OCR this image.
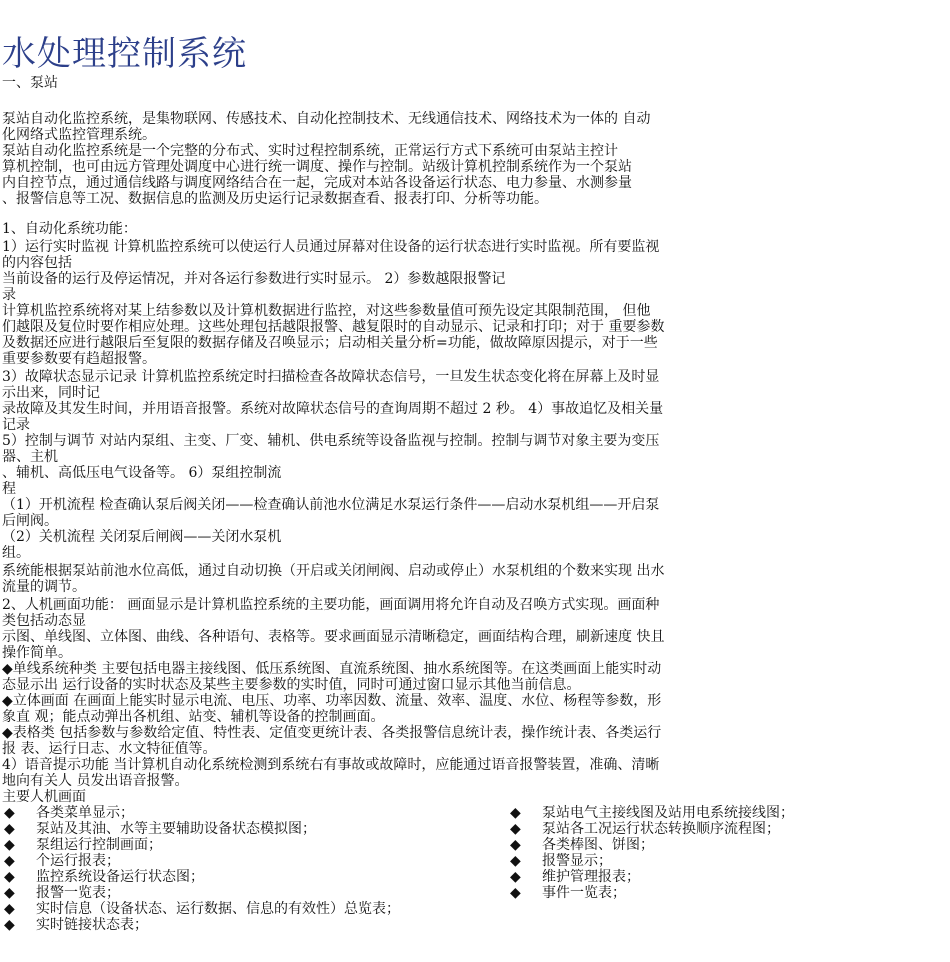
水处理控制系统
一、泵站
泵站自动化监控系统，是集物联网、传感技术、自动化控制技术、无线通信技术、网络技术为一体的 自动
化网络式监控管理系统。
泵站自动化监控系统是一个完整的分布式、实时过程控制系统，正常运行方式下系统可由泵站主控计
算机控制，也可由远方管理处调度中心进行统一调度、操作与控制。站级计算机控制系统作为一个泵站
内自控节点，通过通信线路与调度网络结合在一起，完成对本站各设备运行状态、电力参量、水测参量
、报警信息等工况、数据信息的监测及历史运行记录数据查看、报表打印、分析等功能。
1、自动化系统功能：
1）运行实时监视 计算机监控系统可以使运行人员通过屏幕对住设备的运行状态进行实时监视。所有要监视
的内容包括
当前设备的运行及停运情况，并对各运行参数进行实时显示。 2）参数越限报警记
录
计算机监控系统将对某上结参数以及计算机数据进行监控，对这些参数量值可预先设定其限制范围， 但他
们越限及复位时要作相应处理。这些处理包括越限报警、越复限时的自动显示、记录和打印；对于 重要参数
及数据还应进行越限后至复限的数据存储及召唤显示；启动相关量分析=功能，做故障原因提示，对于一些
重要参数要有趋超报警。
3）故障状态显示记录 计算机监控系统定时扫描检查各故障状态信号，一旦发生状态变化将在屏幕上及时显
示出来，同时记
录故障及其发生时间，并用语音报警。系统对故障状态信号的查询周期不超过 2 秒。 4）事故追忆及相关量
记录
5）控制与调节 对站内泵组、主变、厂变、辅机、供电系统等设备监视与控制。控制与调节对象主要为变压
器、主机
、辅机、高低压电气设备等。 6）泵组控制流
程
（1）开机流程 检查确认泵后阀关闭——检查确认前池水位满足水泵运行条件——启动水泵机组——开启泵
后闸阀。
（2）关机流程 关闭泵后闸阀——关闭水泵机
组。
系统能根据泵站前池水位高低，通过自动切换（开启或关闭闸阀、启动或停止）水泵机组的个数来实现 出水
流量的调节。
2、人机画面功能： 画面显示是计算机监控系统的主要功能，画面调用将允许自动及召唤方式实现。画面种
类包括动态显
示图、单线图、立体图、曲线、各种语句、表格等。要求画面显示清晰稳定，画面结构合理，刷新速度 快且
操作简单。
◆单线系统种类 主要包括电器主接线图、低压系统图、直流系统图、抽水系统图等。在这类画面上能实时动
态显示出 运行设备的实时状态及某些主要参数的实时值，同时可通过窗口显示其他当前信息。
◆立体画面 在画面上能实时显示电流、电压、功率、功率因数、流量、效率、温度、水位、杨程等参数，形
象直 观；能点动弹出各机组、站变、辅机等设备的控制画面。
◆表格类 包括参数与参数给定值、特性表、定值变更统计表、各类报警信息统计表，操作统计表、各类运行
报 表、运行日志、水文特征值等。
4）语音提示功能 当计算机自动化系统检测到系统右有事故或故障时，应能通过语音报警装置，准确、清晰
地向有关人 员发出语音报警。
主要人机画面
◆ 各类菜单显示；
◆ 泵站及其油、水等主要辅助设备状态模拟图；
◆ 泵组运行控制画面；
◆ 个运行报表；
◆ 监控系统设备运行状态图；
◆ 报警一览表；
◆ 实时信息（设备状态、运行数据、信息的有效性）总览表；
◆ 实时链接状态表；
◆ 泵站电气主接线图及站用电系统接线图；
◆ 泵站各工况运行状态转换顺序流程图；
◆ 各类棒图、饼图；
◆ 报警显示；
◆ 维护管理报表；
◆ 事件一览表；
